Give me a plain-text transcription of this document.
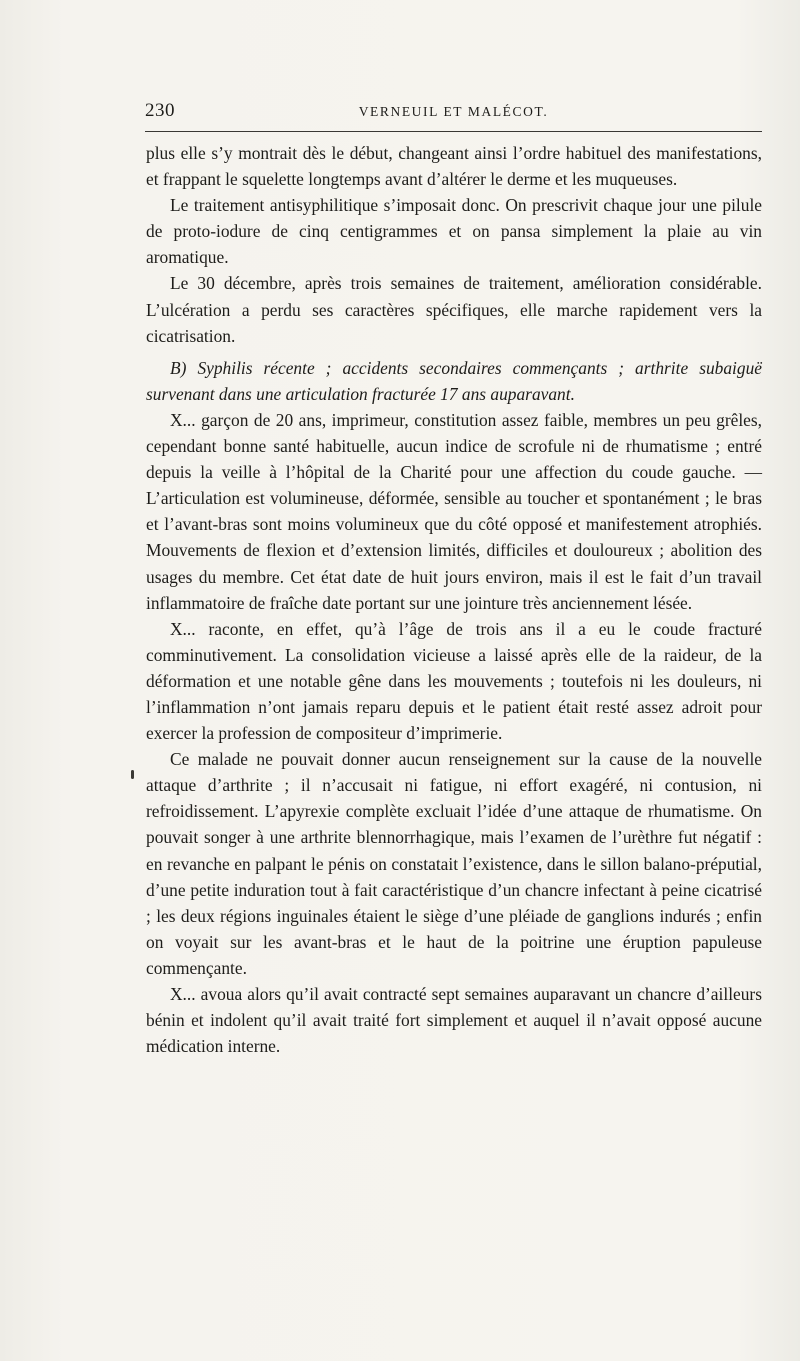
230	VERNEUIL ET MALÉCOT.

plus elle s’y montrait dès le début, changeant ainsi l’ordre habituel des manifestations, et frappant le squelette longtemps avant d’altérer le derme et les muqueuses.

Le traitement antisyphilitique s’imposait donc. On prescrivit chaque jour une pilule de proto-iodure de cinq centigrammes et on pansa simplement la plaie au vin aromatique.

Le 30 décembre, après trois semaines de traitement, amélioration considérable. L’ulcération a perdu ses caractères spécifiques, elle marche rapidement vers la cicatrisation.

B) Syphilis récente ; accidents secondaires commençants ; arthrite subaiguë survenant dans une articulation fracturée 17 ans auparavant.

X... garçon de 20 ans, imprimeur, constitution assez faible, membres un peu grêles, cependant bonne santé habituelle, aucun indice de scrofule ni de rhumatisme ; entré depuis la veille à l’hôpital de la Charité pour une affection du coude gauche. — L’articulation est volumineuse, déformée, sensible au toucher et spontanément ; le bras et l’avant-bras sont moins volumineux que du côté opposé et manifestement atrophiés. Mouvements de flexion et d’extension limités, difficiles et douloureux ; abolition des usages du membre. Cet état date de huit jours environ, mais il est le fait d’un travail inflammatoire de fraîche date portant sur une jointure très anciennement lésée.

X... raconte, en effet, qu’à l’âge de trois ans il a eu le coude fracturé comminutivement. La consolidation vicieuse a laissé après elle de la raideur, de la déformation et une notable gêne dans les mouvements ; toutefois ni les douleurs, ni l’inflammation n’ont jamais reparu depuis et le patient était resté assez adroit pour exercer la profession de compositeur d’imprimerie.

Ce malade ne pouvait donner aucun renseignement sur la cause de la nouvelle attaque d’arthrite ; il n’accusait ni fatigue, ni effort exagéré, ni contusion, ni refroidissement. L’apyrexie complète excluait l’idée d’une attaque de rhumatisme. On pouvait songer à une arthrite blennorrhagique, mais l’examen de l’urèthre fut négatif : en revanche en palpant le pénis on constatait l’existence, dans le sillon balano-préputial, d’une petite induration tout à fait caractéristique d’un chancre infectant à peine cicatrisé ; les deux régions inguinales étaient le siège d’une pléiade de ganglions indurés ; enfin on voyait sur les avant-bras et le haut de la poitrine une éruption papuleuse commençante.

X... avoua alors qu’il avait contracté sept semaines auparavant un chancre d’ailleurs bénin et indolent qu’il avait traité fort simplement et auquel il n’avait opposé aucune médication interne.
